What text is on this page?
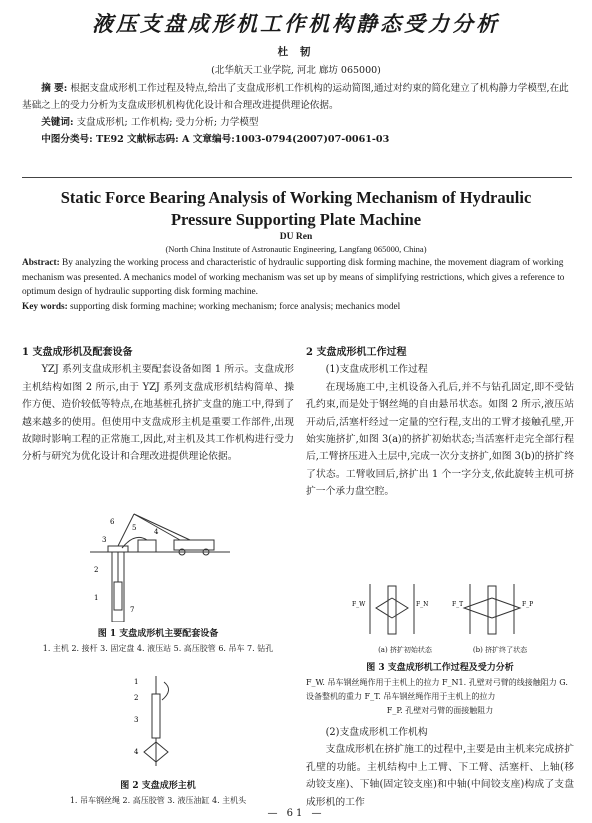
液压支盘成形机工作机构静态受力分析
杜 韧
(北华航天工业学院, 河北 廊坊 065000)
摘 要: 根据支盘成形机工作过程及特点,给出了支盘成形机工作机构的运动简图,通过对约束的简化建立了机构静力学模型,在此基础之上的受力分析为支盘成形机机构优化设计和合理改进提供理论依据。
关键词: 支盘成形机; 工作机构; 受力分析; 力学模型
中图分类号: TE92 文献标志码: A 文章编号:1003-0794(2007)07-0061-03
Static Force Bearing Analysis of Working Mechanism of Hydraulic
Pressure Supporting Plate Machine
DU Ren
(North China Institute of Astronautic Engineering, Langfang 065000, China)
Abstract: By analyzing the working process and characteristic of hydraulic supporting disk forming machine, the movement diagram of working mechanism was presented. A mechanics model of working mechanism was set up by means of simplifying restrictions, which gives a reference to optimum design of hydraulic supporting disk forming machine.
Key words: supporting disk forming machine; working mechanism; force analysis; mechanics model
1 支盘成形机及配套设备
YZJ 系列支盘成形机主要配套设备如图 1 所示。支盘成形主机结构如图 2 所示,由于 YZJ 系列支盘成形机结构简单、操作方便、造价较低等特点,在地基桩孔挤扩支盘的施工中,得到了越来越多的使用。但使用中支盘成形主机是重要工作部件,出现故障时影响工程的正常施工,因此,对主机及其工作机构进行受力分析与研究为优化设计和合理改进提供理论依据。
6
2
1
7
3
4
5
图 1 支盘成形机主要配套设备
1. 主机 2. 接杆 3. 固定盘 4. 液压站 5. 高压胶管 6. 吊车 7. 钻孔
1
2
3
4
图 2 支盘成形主机
1. 吊车钢丝绳 2. 高压胶管 3. 液压油缸 4. 主机头
2 支盘成形机工作过程
(1)支盘成形机工作过程
在现场施工中,主机设备入孔后,并不与钻孔固定,即不受钻孔约束,而是处于钢丝绳的自由悬吊状态。如图 2 所示,液压站开动后,活塞杆经过一定量的空行程,支出的工臂才接触孔壁,开始实施挤扩,如图 3(a)的挤扩初始状态;当活塞杆走完全部行程后,工臂挤压进入土层中,完成一次分支挤扩,如图 3(b)的挤扩终了状态。工臂收回后,挤扩出 1 个一字分支,依此旋转主机可挤扩一个承力盘空腔。
F_W	F_N	F_T	F_P
(a) 挤扩初始状态	(b) 挤扩终了状态
图 3 支盘成形机工作过程及受力分析
F_W. 吊车钢丝绳作用于主机上的拉力 F_N1. 孔壁对弓臂的线接触阻力 G. 设备整机的重力 F_T. 吊车钢丝绳作用于主机上的拉力
F_P. 孔壁对弓臂的面接触阻力
(2)支盘成形机工作机构
支盘成形机在挤扩施工的过程中,主要是由主机来完成挤扩孔壁的功能。主机结构中上工臂、下工臂、活塞杆、上轴(移动铰支座)、下轴(固定铰支座)和中轴(中间铰支座)构成了支盘成形机的工作
— 61 —
